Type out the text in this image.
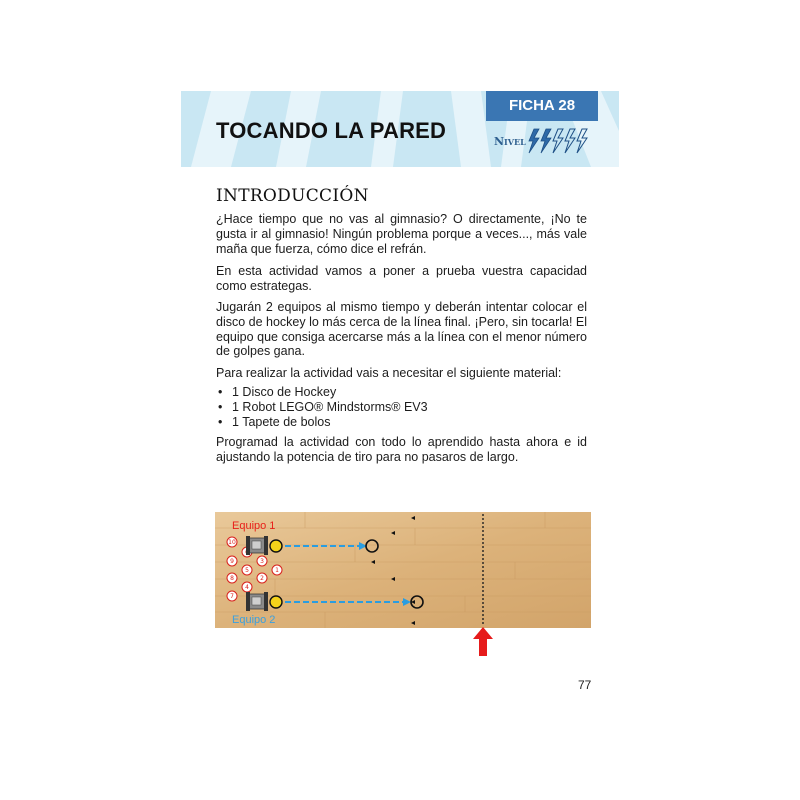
TOCANDO LA PARED
FICHA 28
Nivel
INTRODUCCIÓN
¿Hace tiempo que no vas al gimnasio? O directamente, ¡No te gusta ir al gimnasio! Ningún problema porque a veces..., más vale maña que fuerza, cómo dice el refrán.
En esta actividad vamos a poner a prueba vuestra capacidad como estrategas.
Jugarán 2 equipos al mismo tiempo y deberán intentar colocar el disco de hockey lo más cerca de la línea final. ¡Pero, sin tocarla! El equipo que consiga acercarse más a la línea con el menor número de golpes gana.
Para realizar la actividad vais a necesitar el siguiente material:
• 1 Disco de Hockey
• 1 Robot LEGO® Mindstorms® EV3
• 1 Tapete de bolos
Programad la actividad con todo lo aprendido hasta ahora e id ajustando la potencia de tiro para no pasaros de largo.
10
9
8
7
5
4
3
2
1
Equipo 1
Equipo 2
77
